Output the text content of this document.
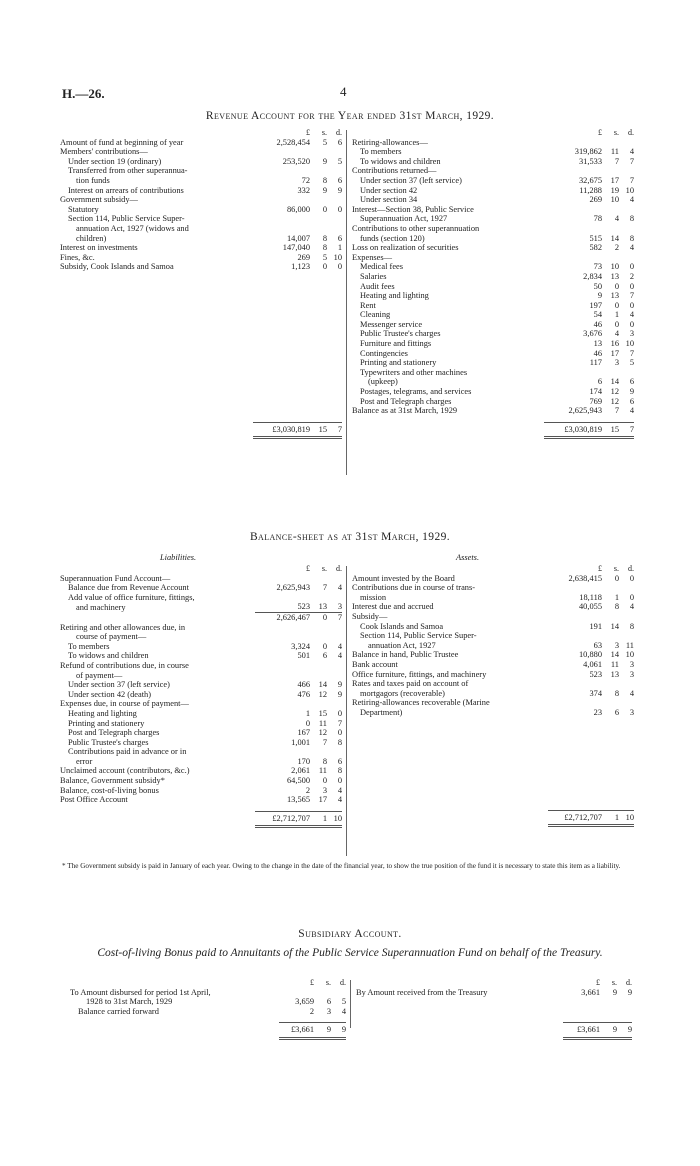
H.—26.	4
Revenue Account for the Year ended 31st March, 1929.
	£	s.	d.
Amount of fund at beginning of year	2,528,454	5	6
Members' contributions—			
Under section 19 (ordinary)	253,520	9	5
Transferred from other superannua-			
tion funds	72	8	6
Interest on arrears of contributions	332	9	9
Government subsidy—			
Statutory	86,000	0	0
Section 114, Public Service Super-			
annuation Act, 1927 (widows and			
children)	14,007	8	6
Interest on investments	147,040	8	1
Fines, &c.	269	5	10
Subsidy, Cook Islands and Samoa	1,123	0	0

	£3,030,819	15	7
	£	s.	d.
Retiring-allowances—			
To members	319,862	11	4
To widows and children	31,533	7	7
Contributions returned—			
Under section 37 (left service)	32,675	17	7
Under section 42	11,288	19	10
Under section 34	269	10	4
Interest—Section 38, Public Service			
Superannuation Act, 1927	78	4	8
Contributions to other superannuation			
funds (section 120)	515	14	8
Loss on realization of securities	582	2	4
Expenses—			
Medical fees	73	10	0
Salaries	2,834	13	2
Audit fees	50	0	0
Heating and lighting	9	13	7
Rent	197	0	0
Cleaning	54	1	4
Messenger service	46	0	0
Public Trustee's charges	3,676	4	3
Furniture and fittings	13	16	10
Contingencies	46	17	7
Printing and stationery	117	3	5
Typewriters and other machines			
(upkeep)	6	14	6
Postages, telegrams, and services	174	12	9
Post and Telegraph charges	769	12	6
Balance as at 31st March, 1929	2,625,943	7	4

	£3,030,819	15	7
Balance-sheet as at 31st March, 1929.
Liabilities.	Assets.
	£	s.	d.
Superannuation Fund Account—			
Balance due from Revenue Account	2,625,943	7	4
Add value of office furniture, fittings,			
and machinery	523	13	3
	2,626,467	0	7
Retiring and other allowances due, in			
course of payment—			
To members	3,324	0	4
To widows and children	501	6	4
Refund of contributions due, in course			
of payment—			
Under section 37 (left service)	466	14	9
Under section 42 (death)	476	12	9
Expenses due, in course of payment—			
Heating and lighting	1	15	0
Printing and stationery	0	11	7
Post and Telegraph charges	167	12	0
Public Trustee's charges	1,001	7	8
Contributions paid in advance or in			
error	170	8	6
Unclaimed account (contributors, &c.)	2,061	11	8
Balance, Government subsidy*	64,500	0	0
Balance, cost-of-living bonus	2	3	4
Post Office Account	13,565	17	4

	£2,712,707	1	10
	£	s.	d.
Amount invested by the Board	2,638,415	0	0
Contributions due in course of trans-			
mission	18,118	1	0
Interest due and accrued	40,055	8	4
Subsidy—			
Cook Islands and Samoa	191	14	8
Section 114, Public Service Super-			
annuation Act, 1927	63	3	11
Balance in hand, Public Trustee	10,880	14	10
Bank account	4,061	11	3
Office furniture, fittings, and machinery	523	13	3
Rates and taxes paid on account of			
mortgagors (recoverable)	374	8	4
Retiring-allowances recoverable (Marine			
Department)	23	6	3

	£2,712,707	1	10
* The Government subsidy is paid in January of each year. Owing to the change in the date of the financial year, to show the true position of the fund it is necessary to state this item as a liability.
Subsidiary Account.
Cost-of-living Bonus paid to Annuitants of the Public Service Superannuation Fund on behalf of the Treasury.
	£	s.	d.
To Amount disbursed for period 1st April,			
1928 to 31st March, 1929	3,659	6	5
Balance carried forward	2	3	4

	£3,661	9	9
	£	s.	d.
By Amount received from the Treasury	3,661	9	9

	£3,661	9	9
